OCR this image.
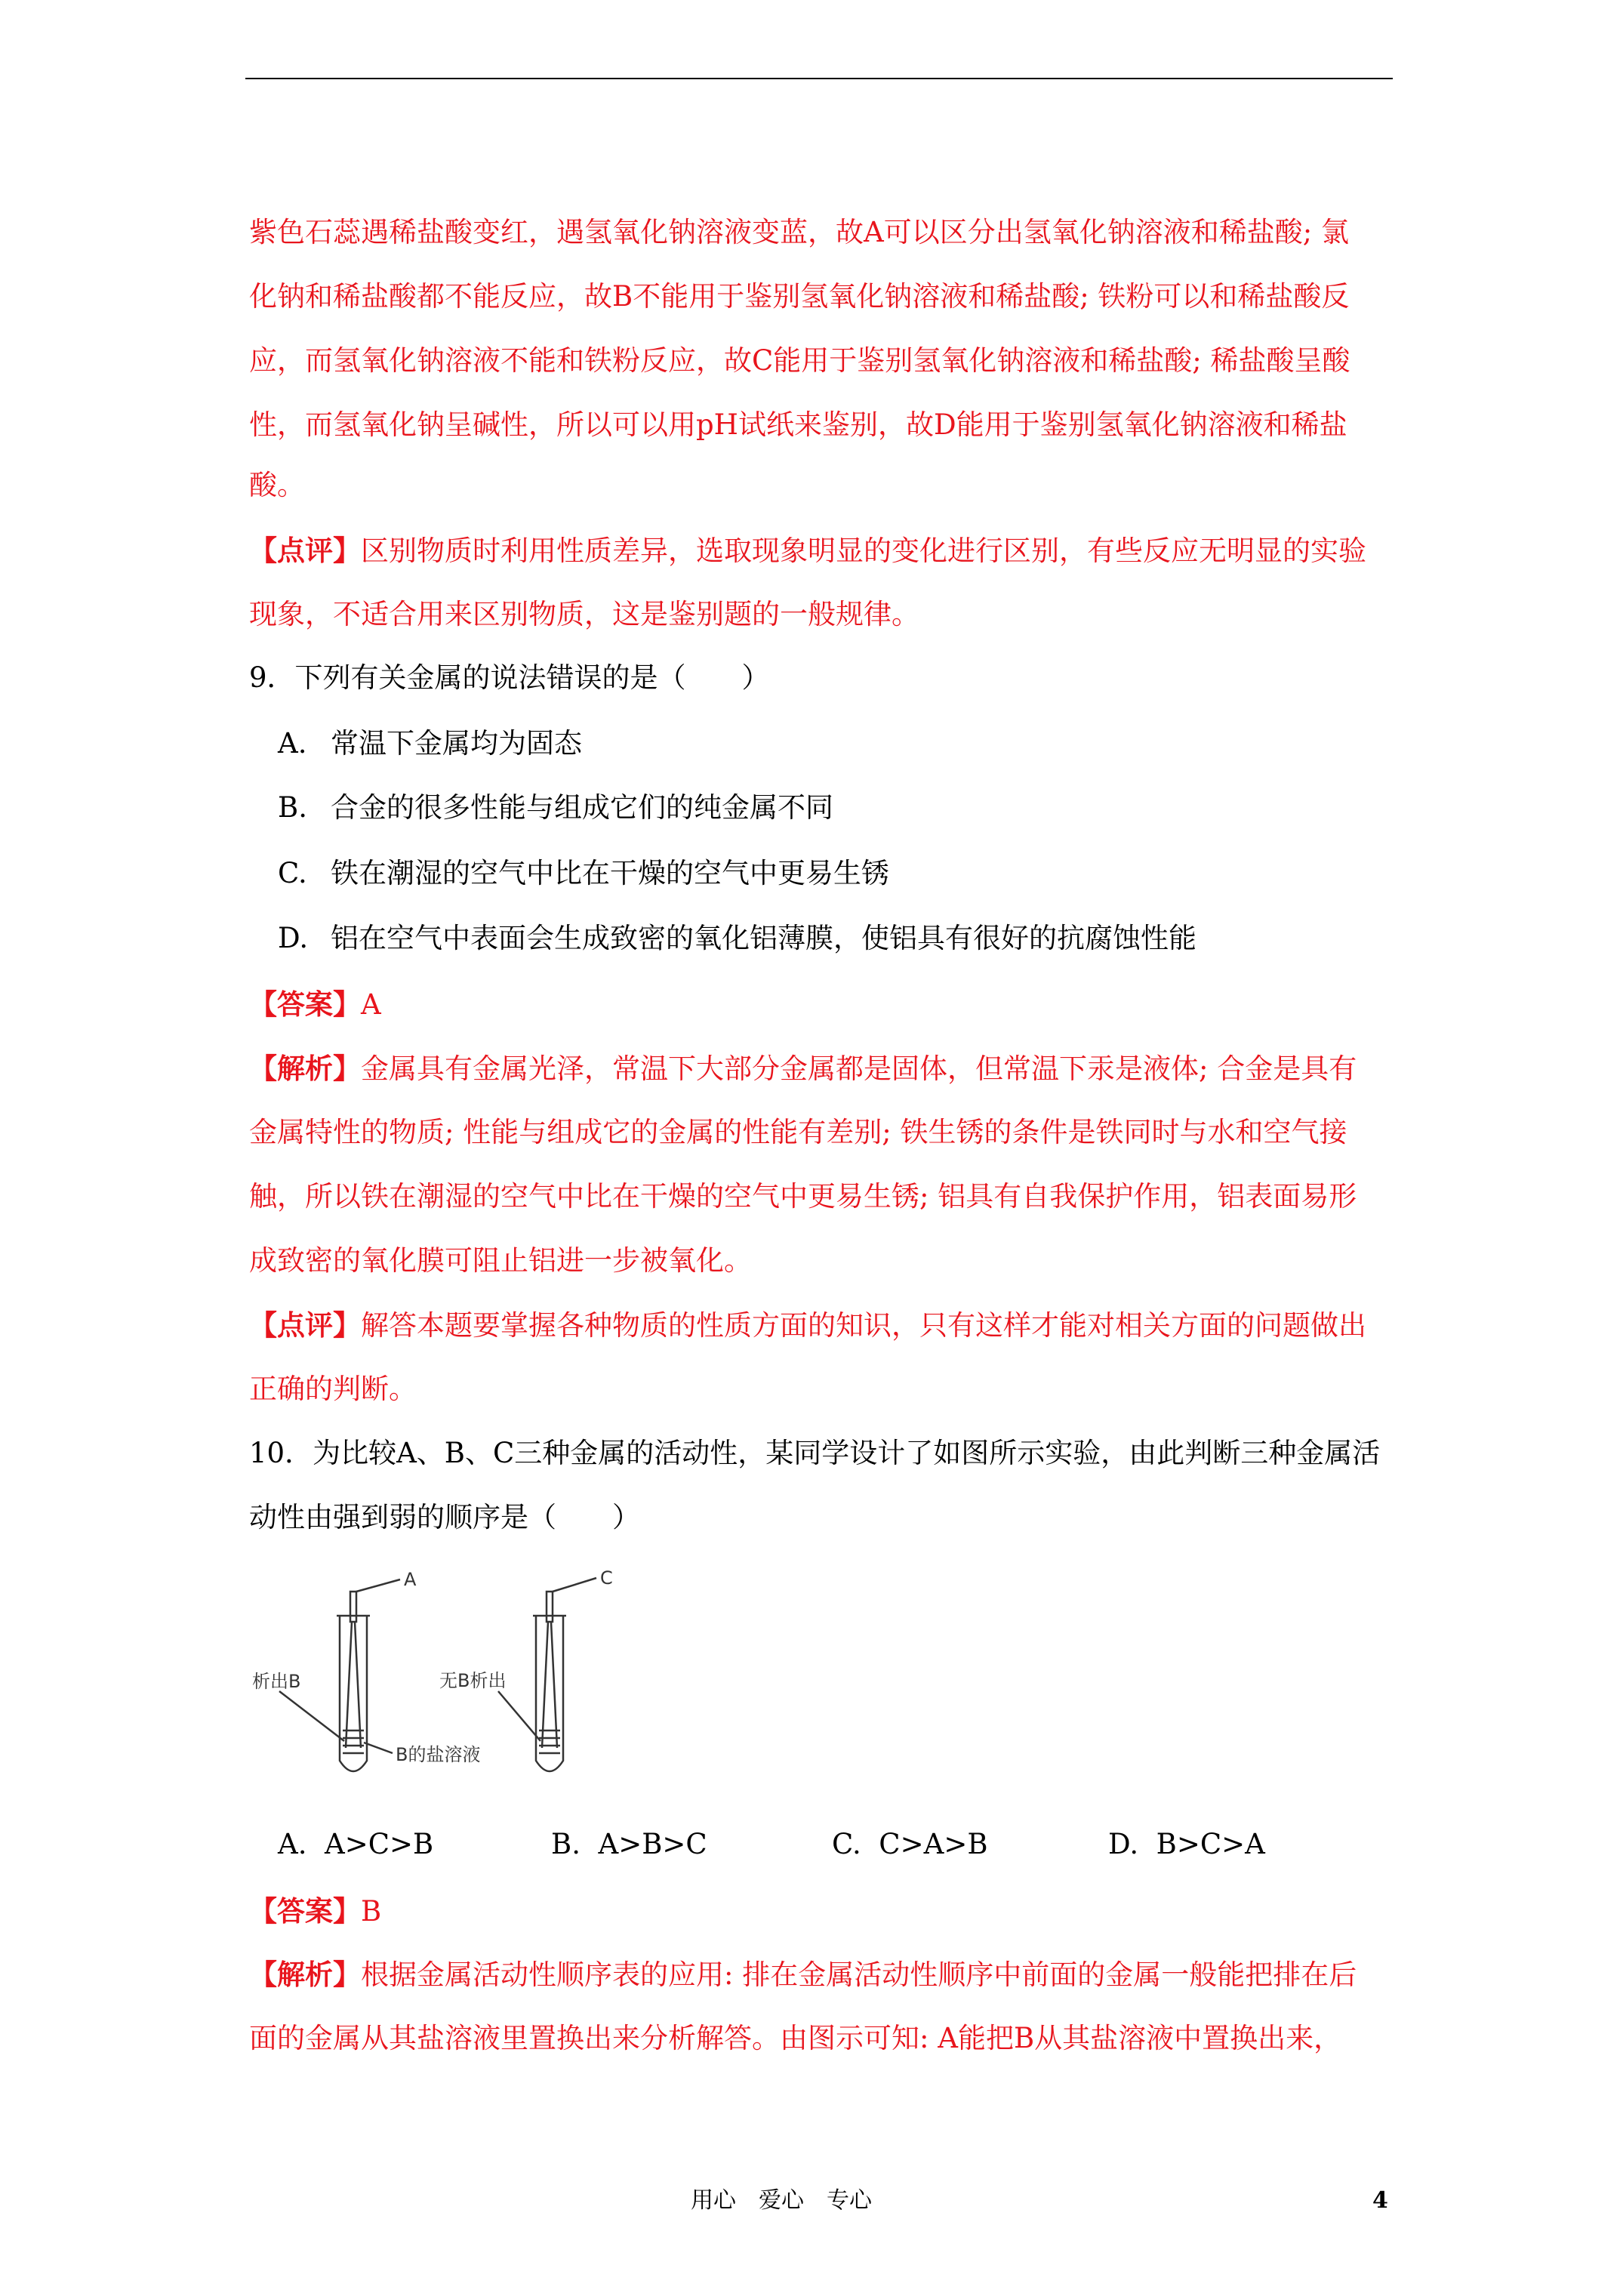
紫色石蕊遇稀盐酸变红，遇氢氧化钠溶液变蓝，故A可以区分出氢氧化钠溶液和稀盐酸; 氯
化钠和稀盐酸都不能反应，故B不能用于鉴别氢氧化钠溶液和稀盐酸; 铁粉可以和稀盐酸反
应，而氢氧化钠溶液不能和铁粉反应，故C能用于鉴别氢氧化钠溶液和稀盐酸; 稀盐酸呈酸
性，而氢氧化钠呈碱性，所以可以用pH试纸来鉴别，故D能用于鉴别氢氧化钠溶液和稀盐
酸。
【点评】区别物质时利用性质差异，选取现象明显的变化进行区别，有些反应无明显的实验
现象，不适合用来区别物质，这是鉴别题的一般规律。
9．下列有关金属的说法错误的是（　　）
A. 常温下金属均为固态
B. 合金的很多性能与组成它们的纯金属不同
C. 铁在潮湿的空气中比在干燥的空气中更易生锈
D. 铝在空气中表面会生成致密的氧化铝薄膜，使铝具有很好的抗腐蚀性能
【答案】A
【解析】金属具有金属光泽，常温下大部分金属都是固体，但常温下汞是液体; 合金是具有
金属特性的物质; 性能与组成它的金属的性能有差别; 铁生锈的条件是铁同时与水和空气接
触，所以铁在潮湿的空气中比在干燥的空气中更易生锈; 铝具有自我保护作用，铝表面易形
成致密的氧化膜可阻止铝进一步被氧化。
【点评】解答本题要掌握各种物质的性质方面的知识，只有这样才能对相关方面的问题做出
正确的判断。
10．为比较A、B、C三种金属的活动性，某同学设计了如图所示实验，由此判断三种金属活
动性由强到弱的顺序是（　　）
A
析出B
B的盐溶液
C
无B析出
A. A>C>B	B. A>B>C	C. C>A>B	D. B>C>A
【答案】B
【解析】根据金属活动性顺序表的应用: 排在金属活动性顺序中前面的金属一般能把排在后
面的金属从其盐溶液里置换出来分析解答。由图示可知: A能把B从其盐溶液中置换出来，
用心　爱心　专心	4
